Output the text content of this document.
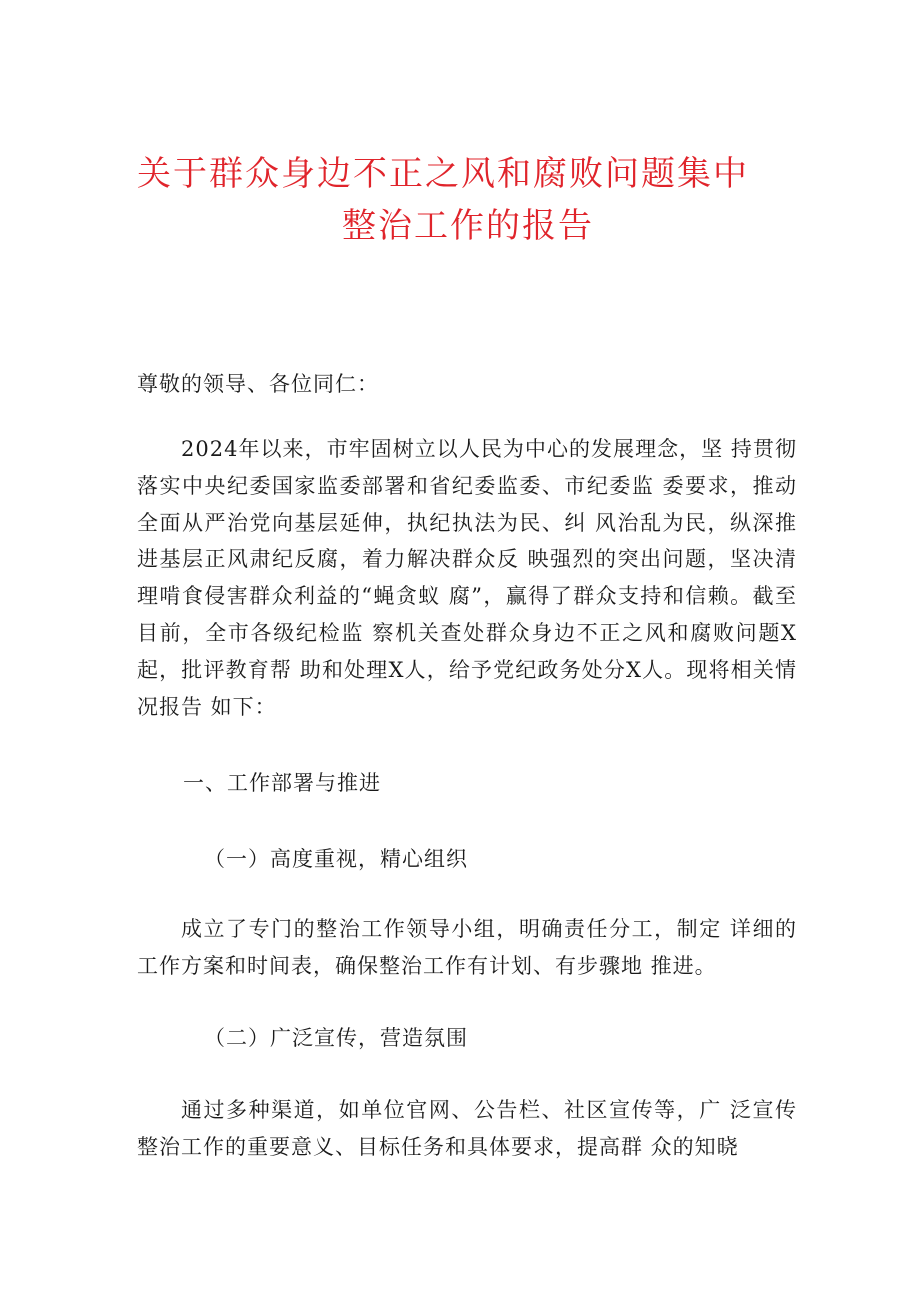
关于群众身边不正之风和腐败问题集中
整治工作的报告
尊敬的领导、各位同仁：
2024年以来，市牢固树立以人民为中心的发展理念，坚 持贯彻落实中央纪委国家监委部署和省纪委监委、市纪委监 委要求，推动全面从严治党向基层延伸，执纪执法为民、纠 风治乱为民，纵深推进基层正风肃纪反腐，着力解决群众反 映强烈的突出问题，坚决清理啃食侵害群众利益的“蝇贪蚁 腐”，赢得了群众支持和信赖。截至目前，全市各级纪检监 察机关查处群众身边不正之风和腐败问题X起，批评教育帮 助和处理X人，给予党纪政务处分X人。现将相关情况报告 如下：
一、工作部署与推进
（一）高度重视，精心组织
成立了专门的整治工作领导小组，明确责任分工，制定 详细的工作方案和时间表，确保整治工作有计划、有步骤地 推进。
（二）广泛宣传，营造氛围
通过多种渠道，如单位官网、公告栏、社区宣传等，广 泛宣传整治工作的重要意义、目标任务和具体要求，提高群 众的知晓
